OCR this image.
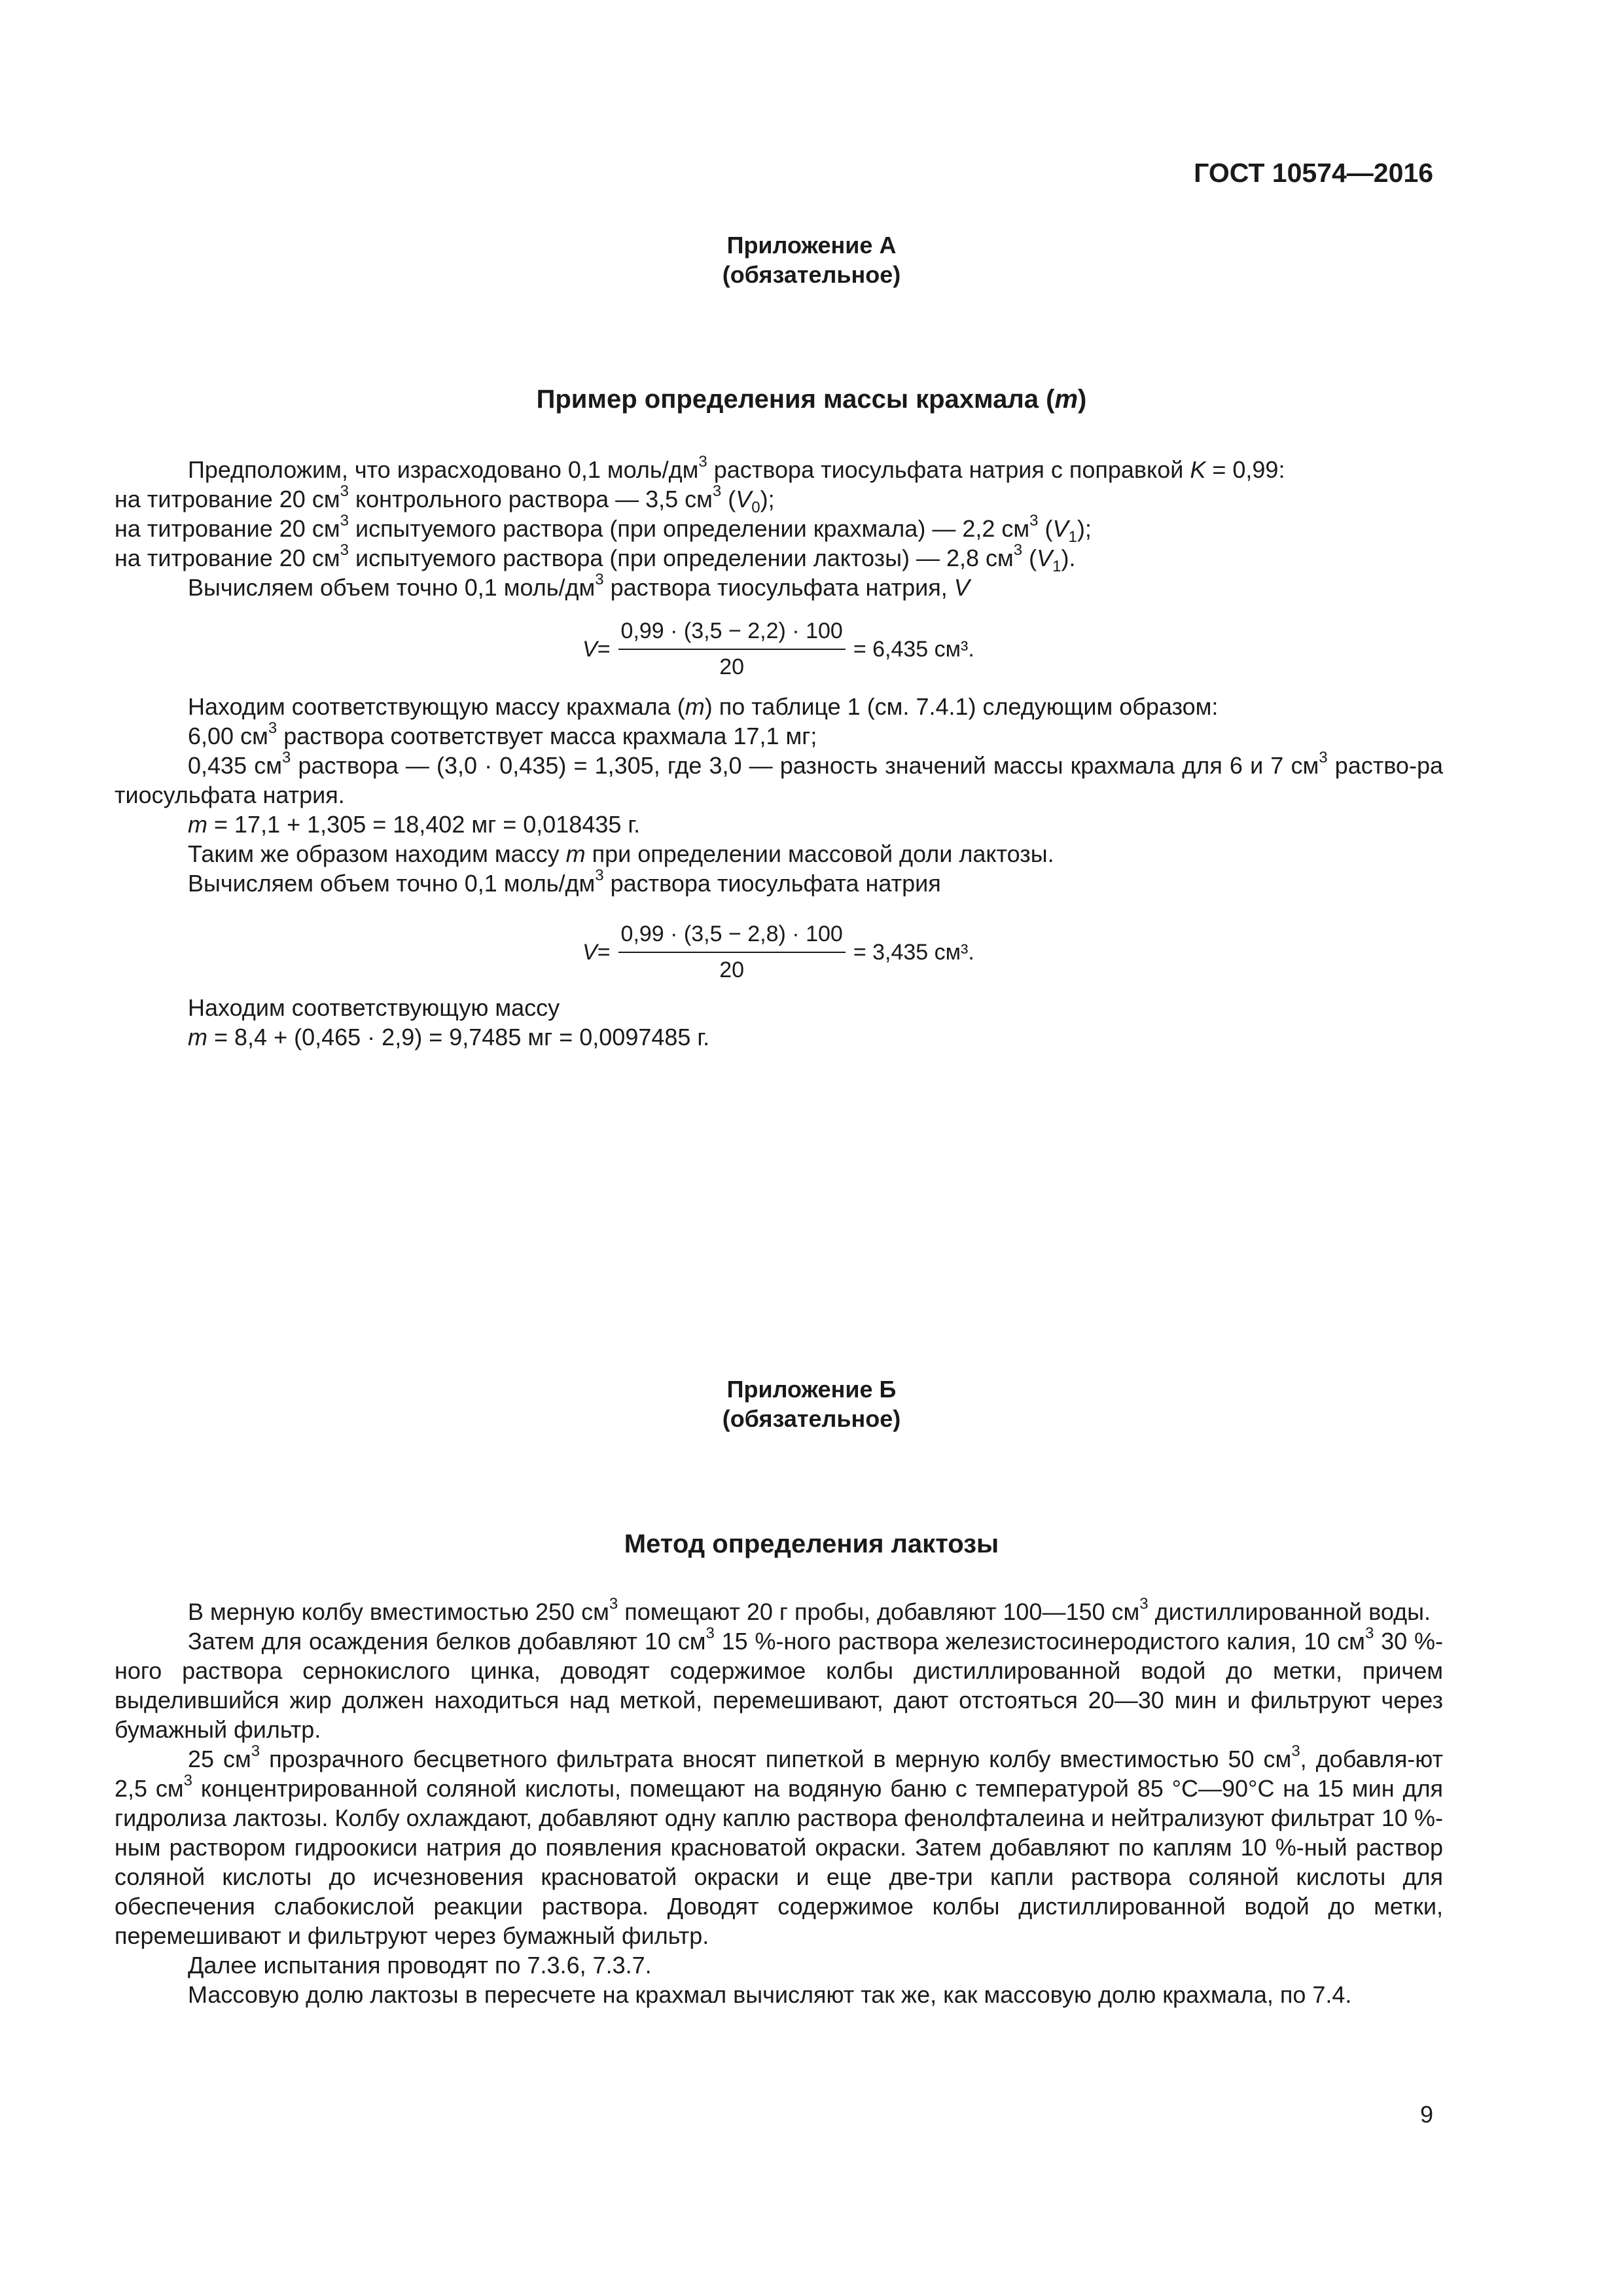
ГОСТ 10574—2016
Приложение А
(обязательное)
Пример определения массы крахмала (m)

Предположим, что израсходовано 0,1 моль/$дм^3$ раствора тиосульфата натрия с поправкой K = 0,99:

на титрование 20 $см^3$ контрольного раствора — 3,5 $см^3$ $(V_0)$;

на титрование 20 $см^3$ испытуемого раствора (при определении крахмала) — 2,2 $см^3$ $(V_1)$;

на титрование 20 $см^3$ испытуемого раствора (при определении лактозы) — 2,8 $см^3$ $(V_1)$.

Вычисляем объем точно 0,1 моль/$дм^3$ раствора тиосульфата натрия, V

$V = \frac{0,99 \cdot (3,5 - 2,2) \cdot 100}{20} = 6,435$ см³.

Находим соответствующую массу крахмала (m) по таблице 1 (см. 7.4.1) следующим образом:

6,00 $см^3$ раствора соответствует масса крахмала 17,1 мг;

0,435 $см^3$ раствора — (3,0 · 0,435) = 1,305, где 3,0 — разность значений массы крахмала для 6 и 7 $см^3$ раство-ра тиосульфата натрия.

m = 17,1 + 1,305 = 18,402 мг = 0,018435 г.

Таким же образом находим массу m при определении массовой доли лактозы.

Вычисляем объем точно 0,1 моль/$дм^3$ раствора тиосульфата натрия

$V = \frac{0,99 \cdot (3,5 - 2,8) \cdot 100}{20} = 3,435$ см³.

Находим соответствующую массу

m = 8,4 + (0,465 · 2,9) = 9,7485 мг = 0,0097485 г.

Приложение Б
(обязательное)
Метод определения лактозы

В мерную колбу вместимостью 250 $см^3$ помещают 20 г пробы, добавляют 100—150 $см^3$ дистиллированной воды.

Затем для осаждения белков добавляют 10 $см^3$ 15 %-ного раствора железистосинеродистого калия, 10 $см^3$ 30 %-ного раствора сернокислого цинка, доводят содержимое колбы дистиллированной водой до метки, причем выделившийся жир должен находиться над меткой, перемешивают, дают отстояться 20—30 мин и фильтруют через бумажный фильтр.

25 $см^3$ прозрачного бесцветного фильтрата вносят пипеткой в мерную колбу вместимостью 50 $см^3$, добавля-ют 2,5 $см^3$ концентрированной соляной кислоты, помещают на водяную баню с температурой 85 °С—90°С на 15 мин для гидролиза лактозы. Колбу охлаждают, добавляют одну каплю раствора фенолфталеина и нейтрализуют фильтрат 10 %-ным раствором гидроокиси натрия до появления красноватой окраски. Затем добавляют по каплям 10 %-ный раствор соляной кислоты до исчезновения красноватой окраски и еще две-три капли раствора соляной кислоты для обеспечения слабокислой реакции раствора. Доводят содержимое колбы дистиллированной водой до метки, перемешивают и фильтруют через бумажный фильтр.

Далее испытания проводят по 7.3.6, 7.3.7.

Массовую долю лактозы в пересчете на крахмал вычисляют так же, как массовую долю крахмала, по 7.4.

9
